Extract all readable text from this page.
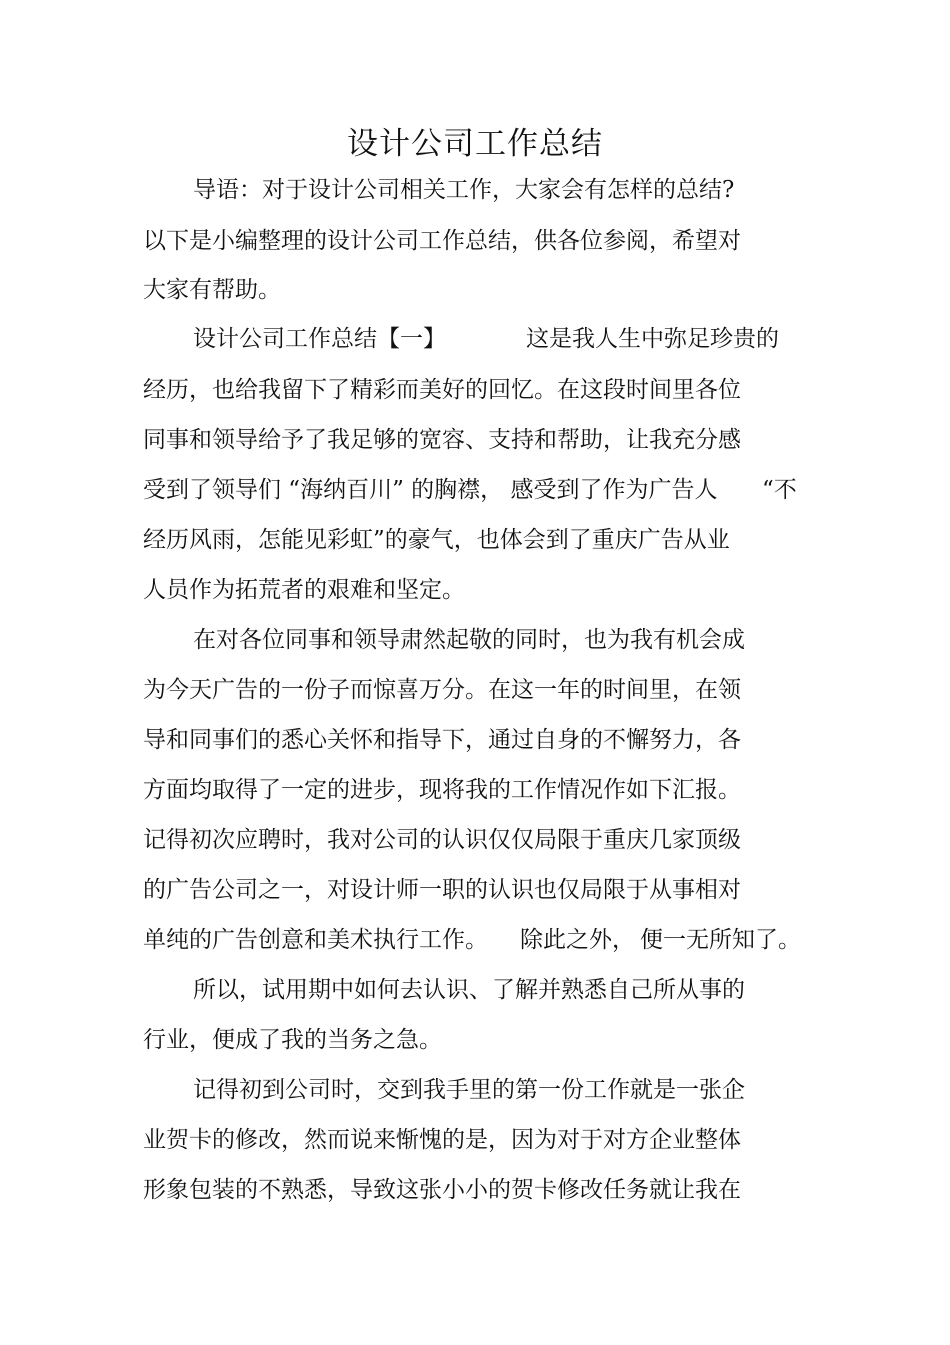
设计公司工作总结

导语：对于设计公司相关工作，大家会有怎样的总结?

以下是小编整理的设计公司工作总结，供各位参阅，希望对

大家有帮助。

设计公司工作总结【一】	这是我人生中弥足珍贵的

经历，也给我留下了精彩而美好的回忆。在这段时间里各位

同事和领导给予了我足够的宽容、支持和帮助，让我充分感

受到了领导们 “海纳百川” 的胸襟， 感受到了作为广告人 “不

经历风雨，怎能见彩虹”的豪气，也体会到了重庆广告从业

人员作为拓荒者的艰难和坚定。

在对各位同事和领导肃然起敬的同时，也为我有机会成

为今天广告的一份子而惊喜万分。在这一年的时间里，在领

导和同事们的悉心关怀和指导下，通过自身的不懈努力，各

方面均取得了一定的进步，现将我的工作情况作如下汇报。

记得初次应聘时，我对公司的认识仅仅局限于重庆几家顶级

的广告公司之一，对设计师一职的认识也仅局限于从事相对

单纯的广告创意和美术执行工作。 除此之外， 便一无所知了。

所以，试用期中如何去认识、了解并熟悉自己所从事的

行业，便成了我的当务之急。

记得初到公司时，交到我手里的第一份工作就是一张企

业贺卡的修改，然而说来惭愧的是，因为对于对方企业整体

形象包装的不熟悉，导致这张小小的贺卡修改任务就让我在
